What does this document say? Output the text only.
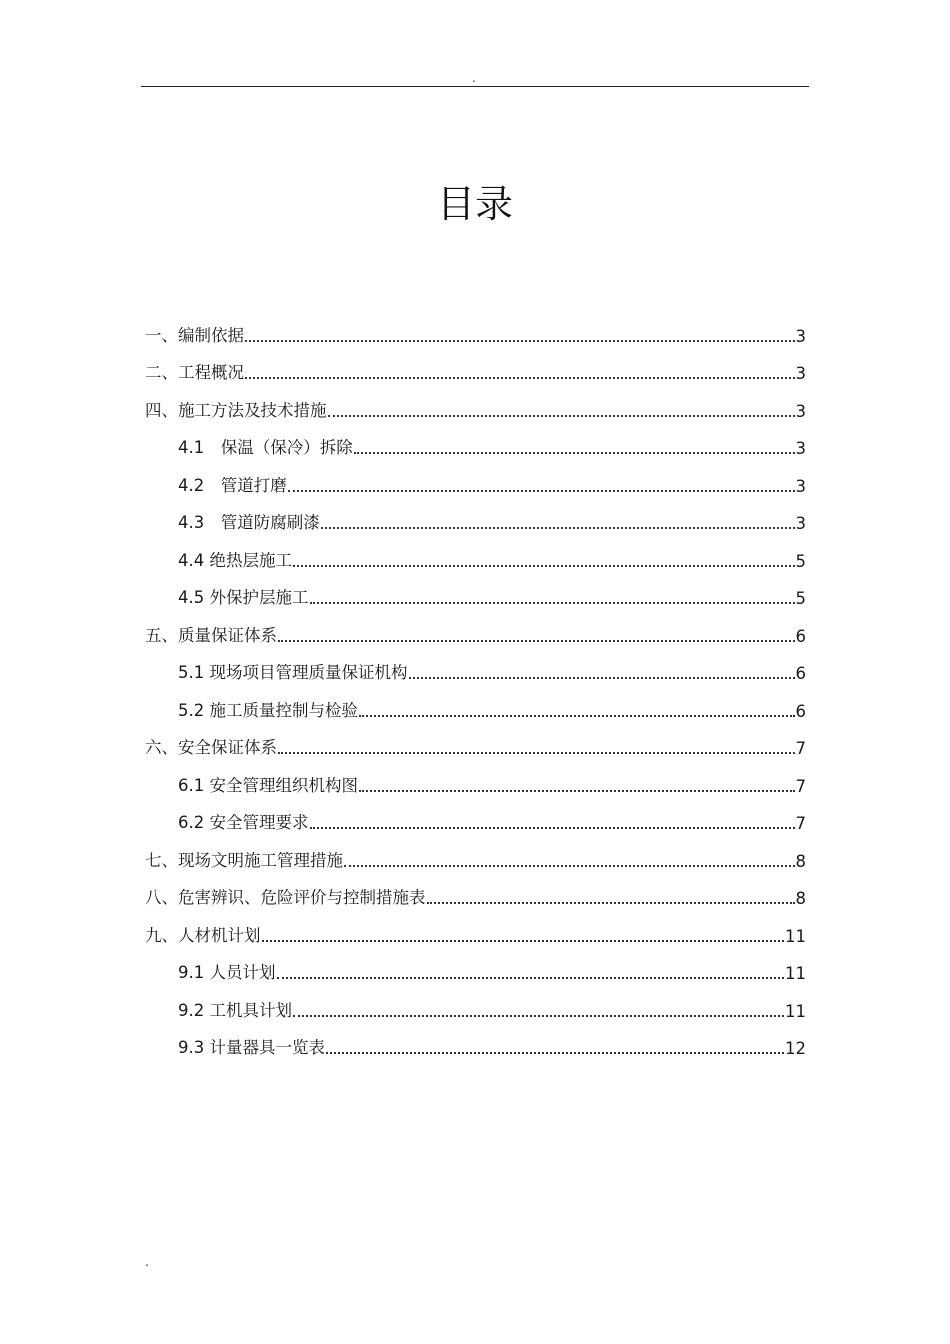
.
目录
一、编制依据	3
二、工程概况	3
四、施工方法及技术措施	3
4.1　保温（保冷）拆除	3
4.2　管道打磨	3
4.3　管道防腐刷漆	3
4.4 绝热层施工	5
4.5 外保护层施工	5
五、质量保证体系	6
5.1 现场项目管理质量保证机构	6
5.2 施工质量控制与检验	6
六、安全保证体系	7
6.1 安全管理组织机构图	7
6.2 安全管理要求	7
七、现场文明施工管理措施	8
八、危害辨识、危险评价与控制措施表	8
九、人材机计划	11
9.1 人员计划	11
9.2 工机具计划	11
9.3 计量器具一览表	12
.
